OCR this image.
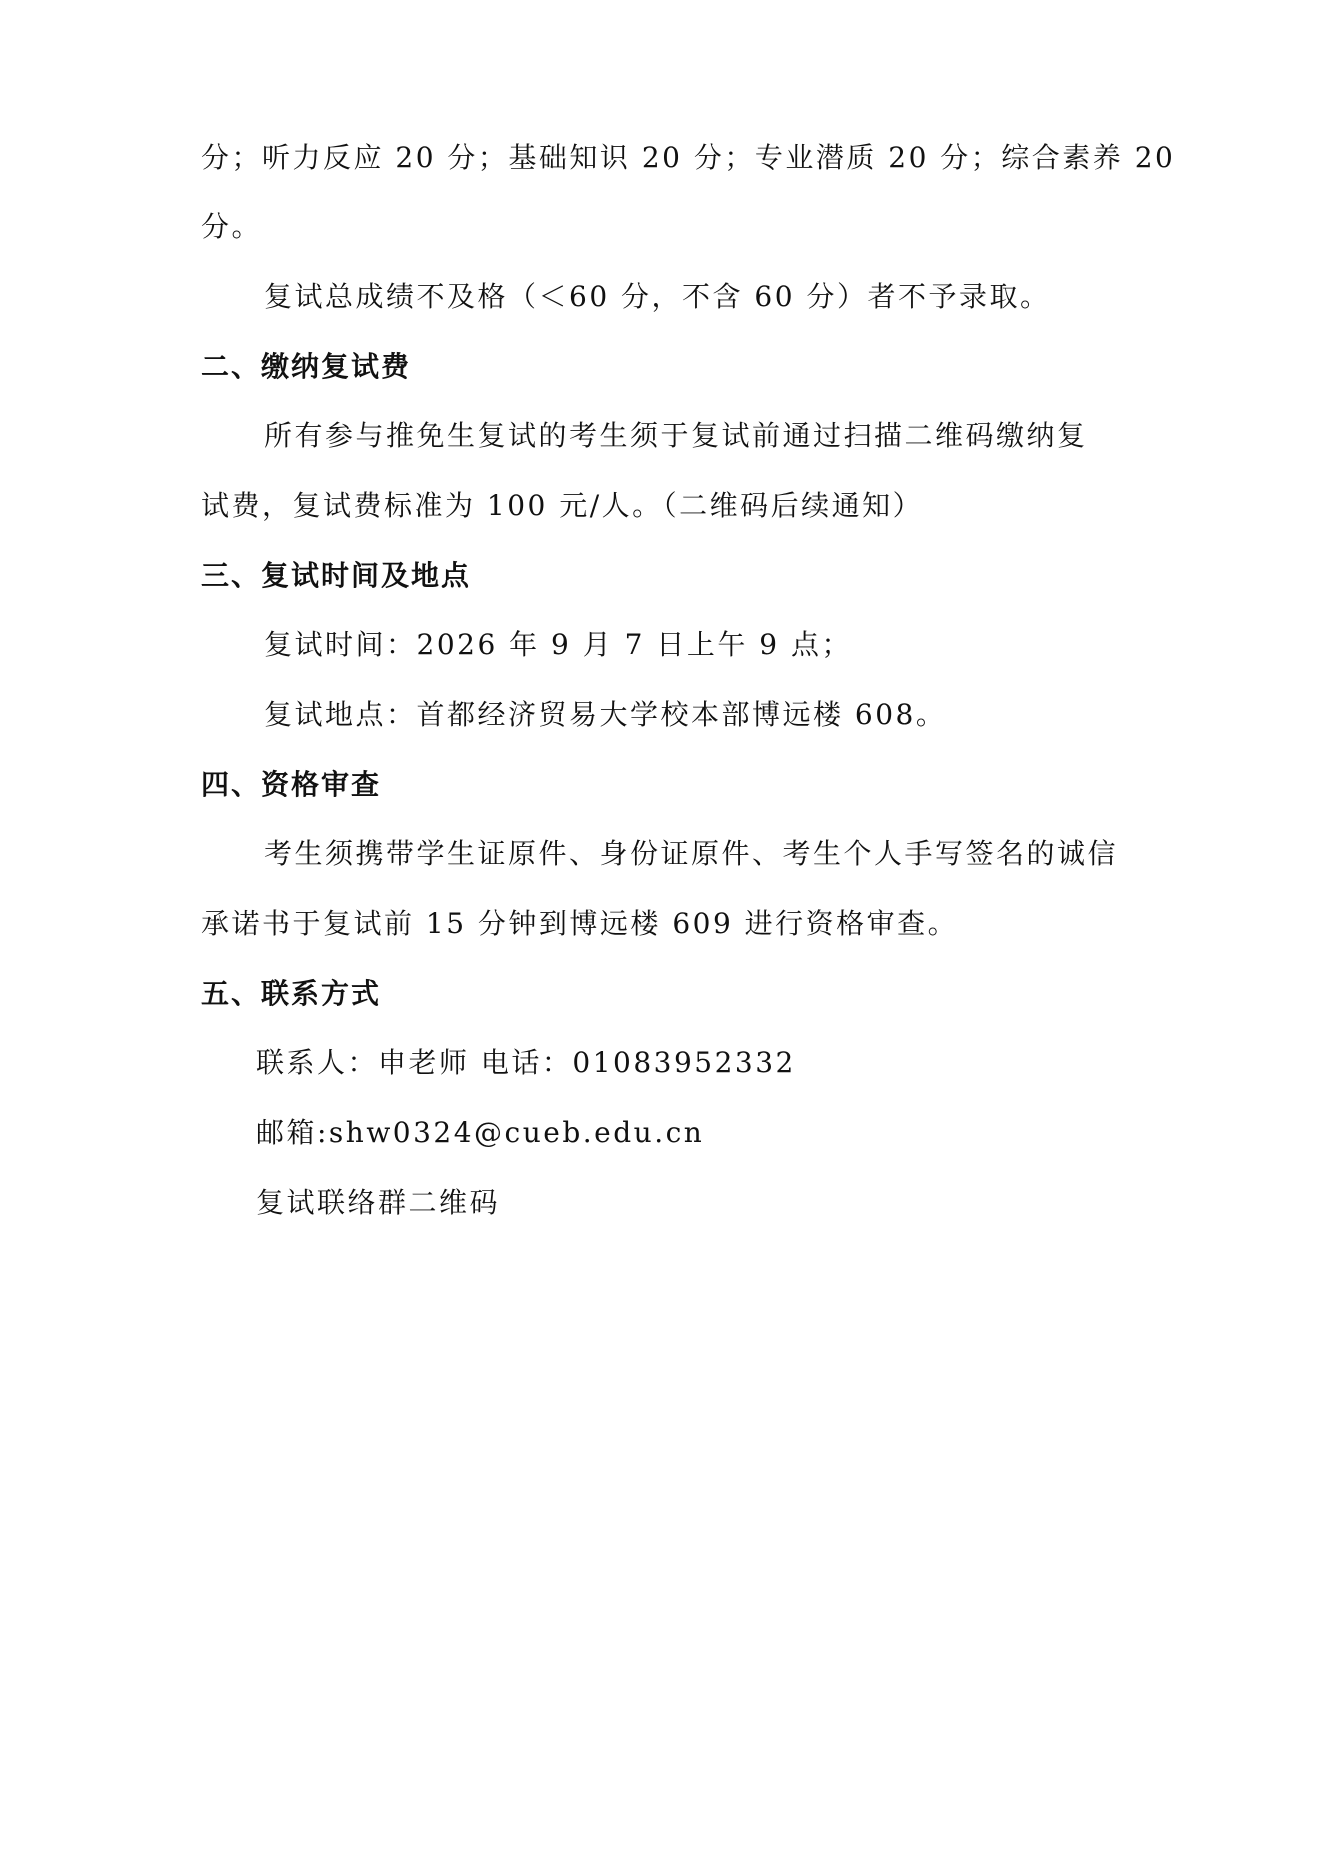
分；听力反应 20 分；基础知识 20 分；专业潜质 20 分；综合素养 20
分。
复试总成绩不及格（＜60 分，不含 60 分）者不予录取。
二、缴纳复试费
所有参与推免生复试的考生须于复试前通过扫描二维码缴纳复
试费，复试费标准为 100 元/人。（二维码后续通知）
三、复试时间及地点
复试时间：2026 年 9 月 7 日上午 9 点；
复试地点：首都经济贸易大学校本部博远楼 608。
四、资格审查
考生须携带学生证原件、身份证原件、考生个人手写签名的诚信
承诺书于复试前 15 分钟到博远楼 609 进行资格审查。
五、联系方式
联系人：申老师 电话：01083952332
邮箱:shw0324@cueb.edu.cn
复试联络群二维码
